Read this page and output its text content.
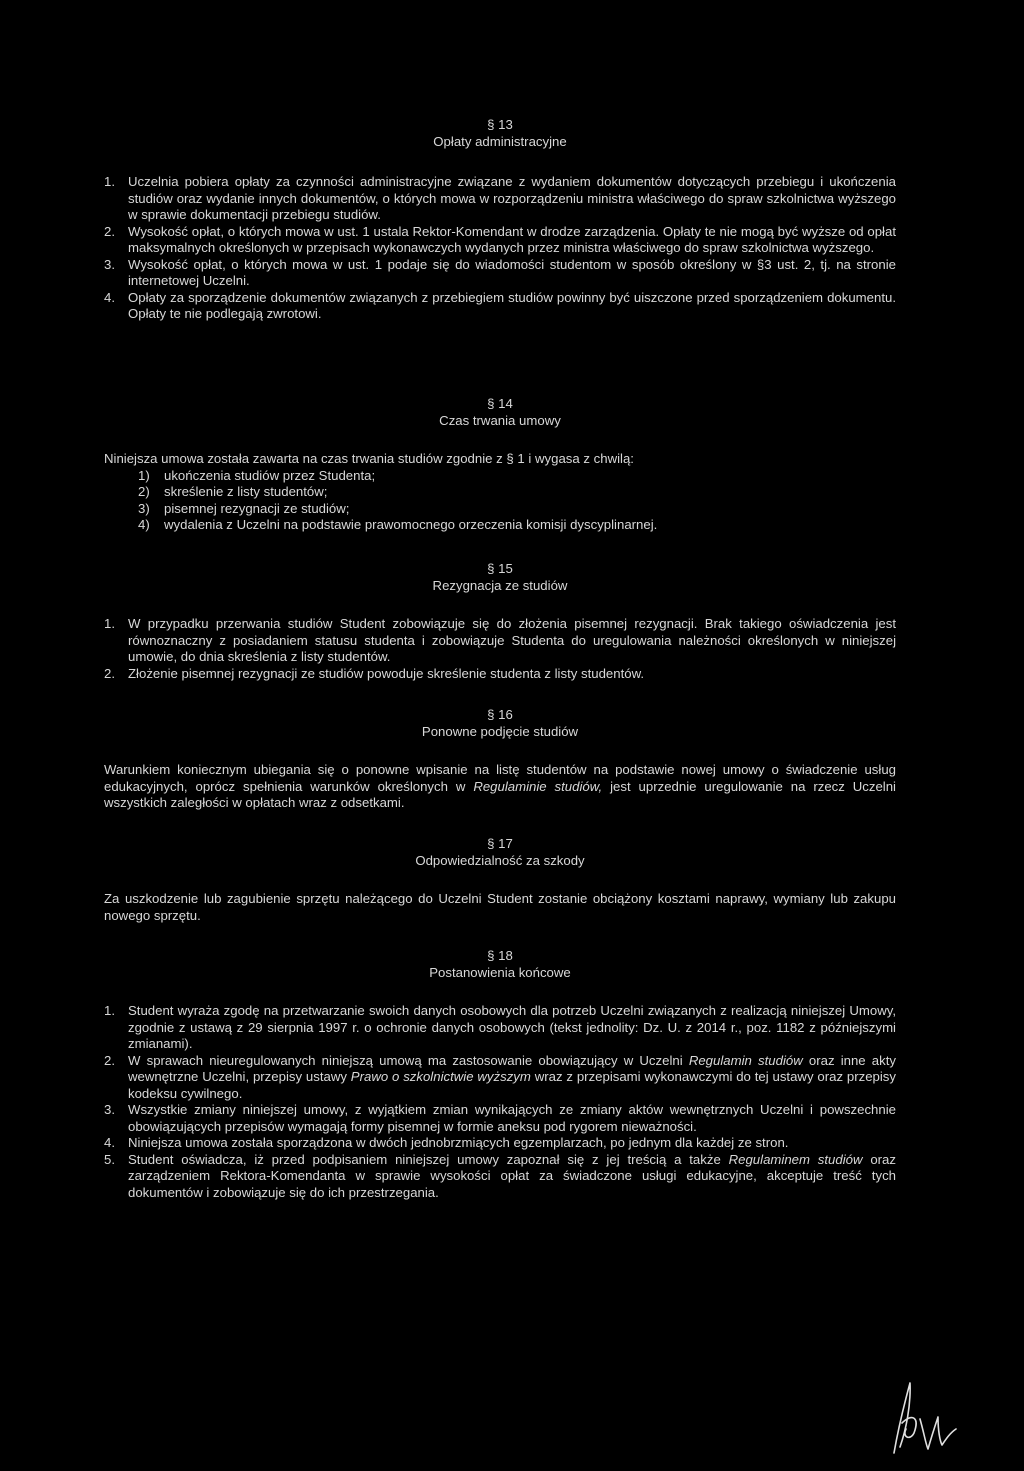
§ 13
Opłaty administracyjne
1. Uczelnia pobiera opłaty za czynności administracyjne związane z wydaniem dokumentów dotyczących przebiegu i ukończenia studiów oraz wydanie innych dokumentów, o których mowa w rozporządzeniu ministra właściwego do spraw szkolnictwa wyższego w sprawie dokumentacji przebiegu studiów.
2. Wysokość opłat, o których mowa w ust. 1 ustala Rektor-Komendant w drodze zarządzenia. Opłaty te nie mogą być wyższe od opłat maksymalnych określonych w przepisach wykonawczych wydanych przez ministra właściwego do spraw szkolnictwa wyższego.
3. Wysokość opłat, o których mowa w ust. 1 podaje się do wiadomości studentom w sposób określony w §3 ust. 2, tj. na stronie internetowej Uczelni.
4. Opłaty za sporządzenie dokumentów związanych z przebiegiem studiów powinny być uiszczone przed sporządzeniem dokumentu. Opłaty te nie podlegają zwrotowi.
§ 14
Czas trwania umowy
Niniejsza umowa została zawarta na czas trwania studiów zgodnie z § 1 i wygasa z chwilą:
1) ukończenia studiów przez Studenta;
2) skreślenie z listy studentów;
3) pisemnej rezygnacji ze studiów;
4) wydalenia z Uczelni na podstawie prawomocnego orzeczenia komisji dyscyplinarnej.
§ 15
Rezygnacja ze studiów
1. W przypadku przerwania studiów Student zobowiązuje się do złożenia pisemnej rezygnacji. Brak takiego oświadczenia jest równoznaczny z posiadaniem statusu studenta i zobowiązuje Studenta do uregulowania należności określonych w niniejszej umowie, do dnia skreślenia z listy studentów.
2. Złożenie pisemnej rezygnacji ze studiów powoduje skreślenie studenta z listy studentów.
§ 16
Ponowne podjęcie studiów
Warunkiem koniecznym ubiegania się o ponowne wpisanie na listę studentów na podstawie nowej umowy o świadczenie usług edukacyjnych, oprócz spełnienia warunków określonych w Regulaminie studiów, jest uprzednie uregulowanie na rzecz Uczelni wszystkich zaległości w opłatach wraz z odsetkami.
§ 17
Odpowiedzialność za szkody
Za uszkodzenie lub zagubienie sprzętu należącego do Uczelni Student zostanie obciążony kosztami naprawy, wymiany lub zakupu nowego sprzętu.
§ 18
Postanowienia końcowe
1. Student wyraża zgodę na przetwarzanie swoich danych osobowych dla potrzeb Uczelni związanych z realizacją niniejszej Umowy, zgodnie z ustawą z 29 sierpnia 1997 r. o ochronie danych osobowych (tekst jednolity: Dz. U. z 2014 r., poz. 1182 z późniejszymi zmianami).
2. W sprawach nieuregulowanych niniejszą umową ma zastosowanie obowiązujący w Uczelni Regulamin studiów oraz inne akty wewnętrzne Uczelni, przepisy ustawy Prawo o szkolnictwie wyższym wraz z przepisami wykonawczymi do tej ustawy oraz przepisy kodeksu cywilnego.
3. Wszystkie zmiany niniejszej umowy, z wyjątkiem zmian wynikających ze zmiany aktów wewnętrznych Uczelni i powszechnie obowiązujących przepisów wymagają formy pisemnej w formie aneksu pod rygorem nieważności.
4. Niniejsza umowa została sporządzona w dwóch jednobrzmiących egzemplarzach, po jednym dla każdej ze stron.
5. Student oświadcza, iż przed podpisaniem niniejszej umowy zapoznał się z jej treścią a także Regulaminem studiów oraz zarządzeniem Rektora-Komendanta w sprawie wysokości opłat za świadczone usługi edukacyjne, akceptuje treść tych dokumentów i zobowiązuje się do ich przestrzegania.
